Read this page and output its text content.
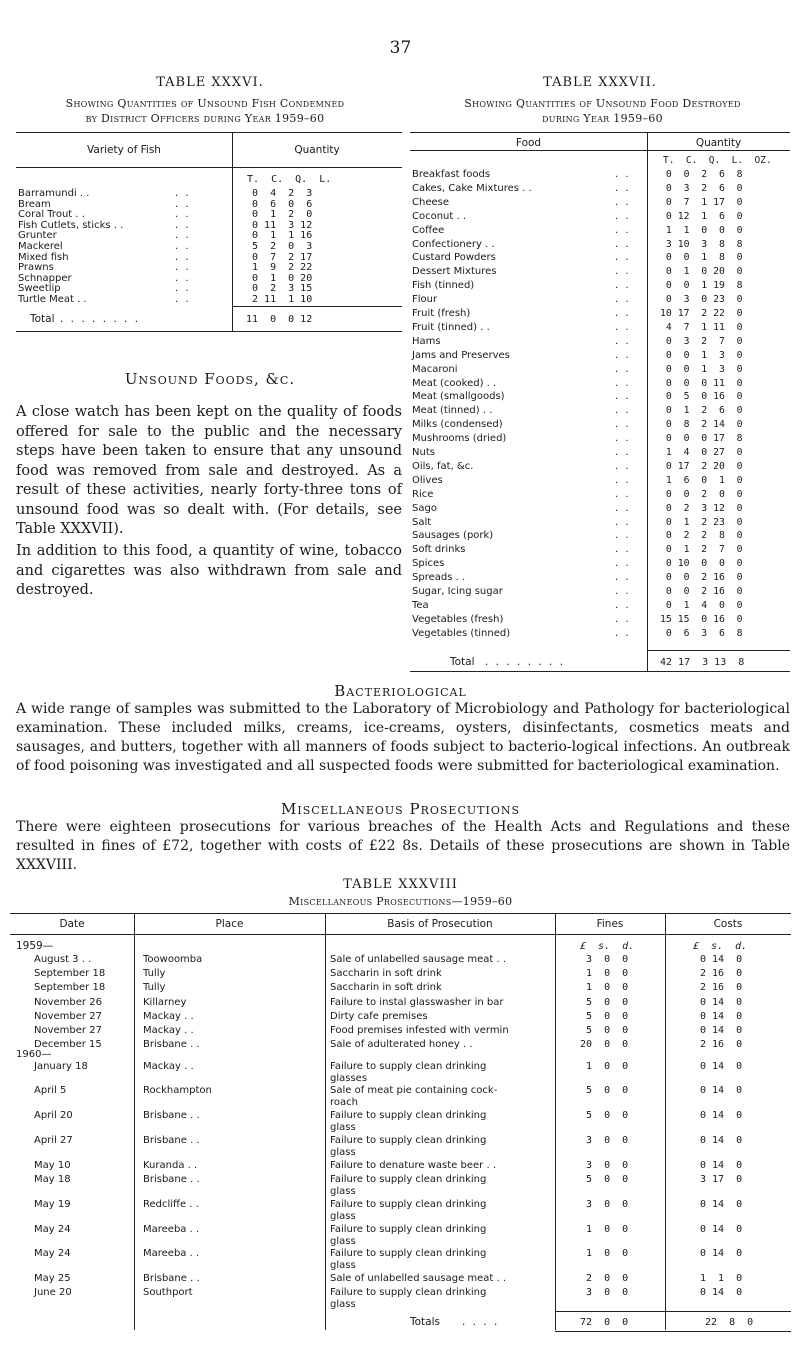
37
TABLE XXXVI.
Showing Quantities of Unsound Fish Condemned
by District Officers during Year 1959–60
Variety of Fish	Quantity
T.  C.  Q.  L.
Barramundi . .	. .	0  4  2  3
Bream	. .	0  6  0  6
Coral Trout . .	. .	0  1  2  0
Fish Cutlets, sticks . .	. .	0 11  3 12
Grunter	. .	0  1  1 16
Mackerel	. .	5  2  0  3
Mixed fish	. .	0  7  2 17
Prawns	. .	1  9  2 22
Schnapper	. .	0  1  0 20
Sweetlip	. .	0  2  3 15
Turtle Meat . .	. .	2 11  1 10
Total . . . . . . . .	11  0  0 12
Unsound Foods, &c.
A close watch has been kept on the quality of foods offered for sale to the public and the necessary steps have been taken to ensure that any unsound food was removed from sale and destroyed. As a result of these activities, nearly forty-three tons of unsound food was so dealt with. (For details, see Table XXXVII).
In addition to this food, a quantity of wine, tobacco and cigarettes was also withdrawn from sale and destroyed.
TABLE XXXVII.
Showing Quantities of Unsound Food Destroyed
during Year 1959–60
Food	Quantity
T.  C.  Q.  L.  OZ.
Breakfast foods	. .	0  0  2  6  8
Cakes, Cake Mixtures . .	. .	0  3  2  6  0
Cheese	. .	0  7  1 17  0
Coconut . .	. .	0 12  1  6  0
Coffee	. .	1  1  0  0  0
Confectionery . .	. .	3 10  3  8  8
Custard Powders	. .	0  0  1  8  0
Dessert Mixtures	. .	0  1  0 20  0
Fish (tinned)	. .	0  0  1 19  8
Flour	. .	0  3  0 23  0
Fruit (fresh)	. .	10 17  2 22  0
Fruit (tinned) . .	. .	4  7  1 11  0
Hams	. .	0  3  2  7  0
Jams and Preserves	. .	0  0  1  3  0
Macaroni	. .	0  0  1  3  0
Meat (cooked) . .	. .	0  0  0 11  0
Meat (smallgoods)	. .	0  5  0 16  0
Meat (tinned) . .	. .	0  1  2  6  0
Milks (condensed)	. .	0  8  2 14  0
Mushrooms (dried)	. .	0  0  0 17  8
Nuts	. .	1  4  0 27  0
Oils, fat, &c.	. .	0 17  2 20  0
Olives	. .	1  6  0  1  0
Rice	. .	0  0  2  0  0
Sago	. .	0  2  3 12  0
Salt	. .	0  1  2 23  0
Sausages (pork)	. .	0  2  2  8  0
Soft drinks	. .	0  1  2  7  0
Spices	. .	0 10  0  0  0
Spreads . .	. .	0  0  2 16  0
Sugar, Icing sugar	. .	0  0  2 16  0
Tea	. .	0  1  4  0  0
Vegetables (fresh)	. .	15 15  0 16  0
Vegetables (tinned)	. .	0  6  3  6  8
Total . . . . . . . .	42 17  3 13  8
Bacteriological
A wide range of samples was submitted to the Laboratory of Microbiology and Pathology for bacteriological examination. These included milks, creams, ice-creams, oysters, disinfectants, cosmetics meats and sausages, and butters, together with all manners of foods subject to bacterio-logical infections. An outbreak of food poisoning was investigated and all suspected foods were submitted for bacteriological examination.
Miscellaneous Prosecutions
There were eighteen prosecutions for various breaches of the Health Acts and Regulations and these resulted in fines of £72, together with costs of £22 8s. Details of these prosecutions are shown in Table XXXVIII.
TABLE XXXVIII
Miscellaneous Prosecutions—1959–60
Date	Place	Basis of Prosecution	Fines	Costs
1959—	£  s.  d.	£  s.  d.
August 3 . .	Toowoomba	Sale of unlabelled sausage meat . .	3  0  0	0 14  0
September 18	Tully	Saccharin in soft drink	1  0  0	2 16  0
September 18	Tully	Saccharin in soft drink	1  0  0	2 16  0
November 26	Killarney	Failure to instal glasswasher in bar	5  0  0	0 14  0
November 27	Mackay . .	Dirty cafe premises	5  0  0	0 14  0
November 27	Mackay . .	Food premises infested with vermin	5  0  0	0 14  0
December 15	Brisbane . .	Sale of adulterated honey . .	20  0  0	2 16  0
January 18	Mackay . .	Failure to supply clean drinking
glasses
1  0  0	0 14  0
April 5	Rockhampton	Sale of meat pie containing cock-
roach
5  0  0	0 14  0
April 20	Brisbane . .	Failure to supply clean drinking
glass
5  0  0	0 14  0
April 27	Brisbane . .	Failure to supply clean drinking
glass
3  0  0	0 14  0
May 10	Kuranda . .	Failure to denature waste beer . .	3  0  0	0 14  0
May 18	Brisbane . .	Failure to supply clean drinking
glass
5  0  0	3 17  0
May 19	Redcliffe . .	Failure to supply clean drinking
glass
3  0  0	0 14  0
May 24	Mareeba . .	Failure to supply clean drinking
glass
1  0  0	0 14  0
May 24	Mareeba . .	Failure to supply clean drinking
glass
1  0  0	0 14  0
May 25	Brisbane . .	Sale of unlabelled sausage meat . .	2  0  0	1  1  0
June 20	Southport	Failure to supply clean drinking
glass
3  0  0	0 14  0
1960—
Totals . . . .	72  0  0	22  8  0
